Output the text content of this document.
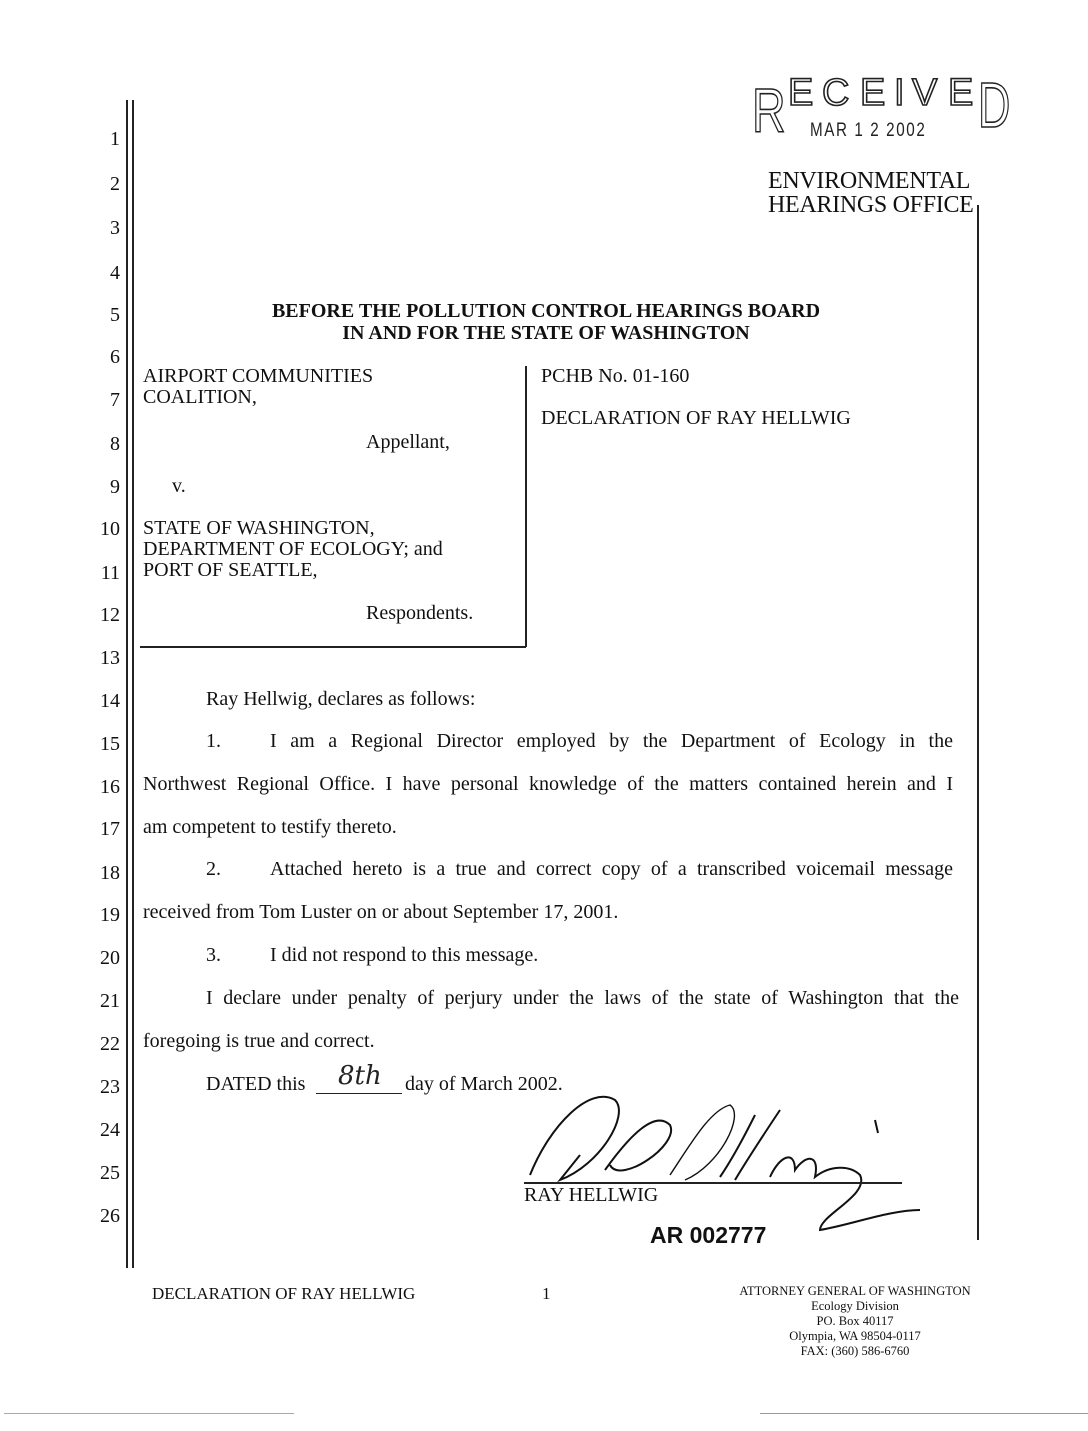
1
2
3
4
5
6
7
8
9
10
11
12
13
14
15
16
17
18
19
20
21
22
23
24
25
26
R E C E I V E D
MAR 1 2 2002
ENVIRONMENTAL
HEARINGS OFFICE
BEFORE THE POLLUTION CONTROL HEARINGS BOARD
IN AND FOR THE STATE OF WASHINGTON
AIRPORT COMMUNITIES
COALITION,
Appellant,
v.
STATE OF WASHINGTON,
DEPARTMENT OF ECOLOGY; and
PORT OF SEATTLE,
Respondents.
PCHB No. 01-160
DECLARATION OF RAY HELLWIG
Ray Hellwig, declares as follows:
1. I am a Regional Director employed by the Department of Ecology in the
Northwest Regional Office. I have personal knowledge of the matters contained herein and I
am competent to testify thereto.
2. Attached hereto is a true and correct copy of a transcribed voicemail message
received from Tom Luster on or about September 17, 2001.
3. I did not respond to this message.
I declare under penalty of perjury under the laws of the state of Washington that the
foregoing is true and correct.
DATED this 8th day of March 2002.
RAY HELLWIG
AR 002777
DECLARATION OF RAY HELLWIG	1	ATTORNEY GENERAL OF WASHINGTON
Ecology Division
PO. Box 40117
Olympia, WA 98504-0117
FAX: (360) 586-6760
